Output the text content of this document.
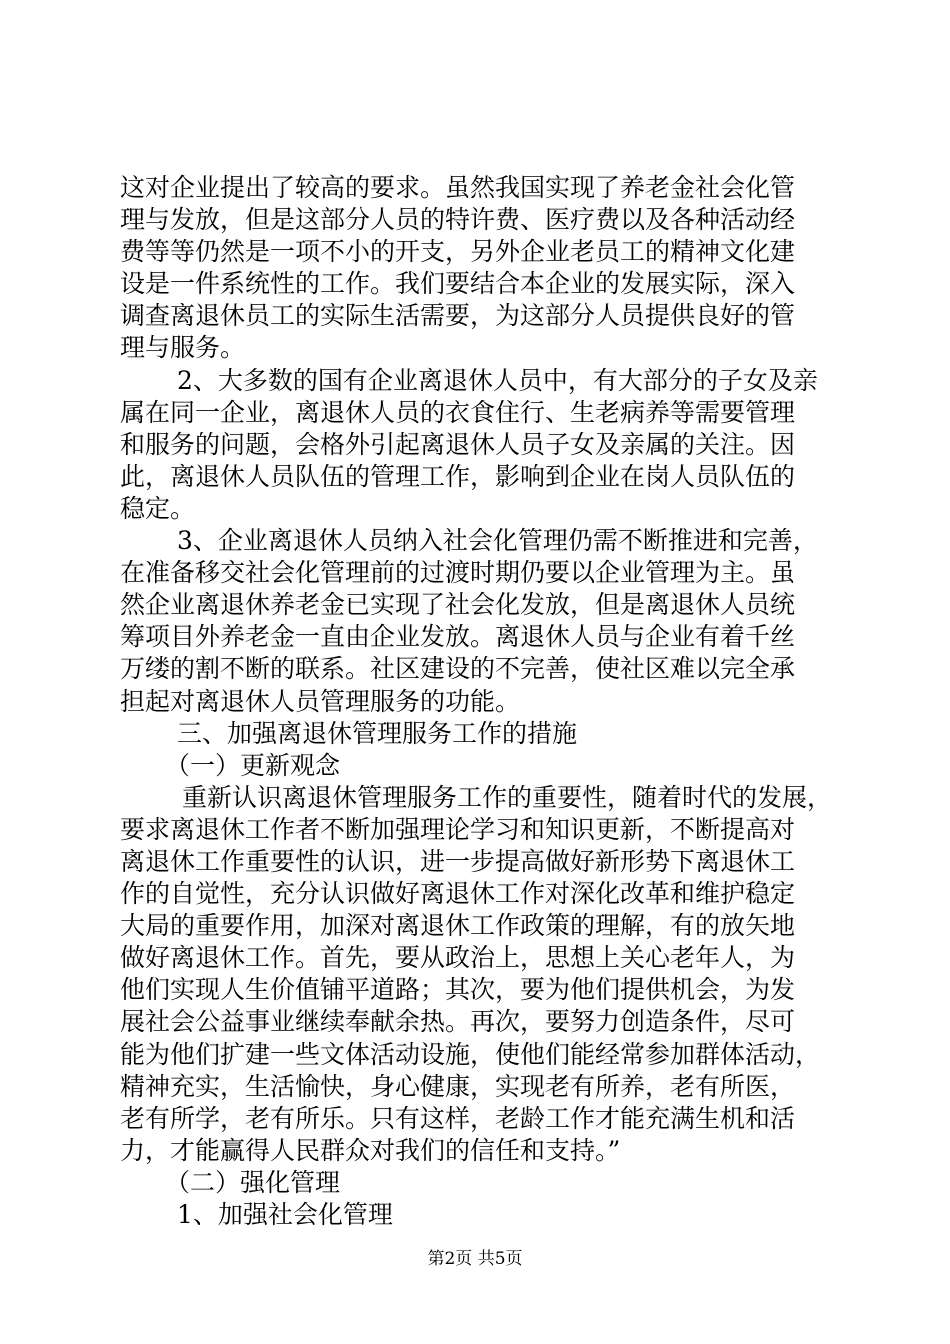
这对企业提出了较高的要求。虽然我国实现了养老金社会化管
理与发放，但是这部分人员的特许费、医疗费以及各种活动经
费等等仍然是一项不小的开支，另外企业老员工的精神文化建
设是一件系统性的工作。我们要结合本企业的发展实际，深入
调查离退休员工的实际生活需要，为这部分人员提供良好的管
理与服务。
2、大多数的国有企业离退休人员中，有大部分的子女及亲
属在同一企业，离退休人员的衣食住行、生老病养等需要管理
和服务的问题，会格外引起离退休人员子女及亲属的关注。因
此，离退休人员队伍的管理工作，影响到企业在岗人员队伍的
稳定。
3、企业离退休人员纳入社会化管理仍需不断推进和完善，
在准备移交社会化管理前的过渡时期仍要以企业管理为主。虽
然企业离退休养老金已实现了社会化发放，但是离退休人员统
筹项目外养老金一直由企业发放。离退休人员与企业有着千丝
万缕的割不断的联系。社区建设的不完善，使社区难以完全承
担起对离退休人员管理服务的功能。
三、加强离退休管理服务工作的措施
（一）更新观念
重新认识离退休管理服务工作的重要性，随着时代的发展，
要求离退休工作者不断加强理论学习和知识更新，不断提高对
离退休工作重要性的认识，进一步提高做好新形势下离退休工
作的自觉性，充分认识做好离退休工作对深化改革和维护稳定
大局的重要作用，加深对离退休工作政策的理解，有的放矢地
做好离退休工作。首先，要从政治上，思想上关心老年人，为
他们实现人生价值铺平道路；其次，要为他们提供机会，为发
展社会公益事业继续奉献余热。再次，要努力创造条件，尽可
能为他们扩建一些文体活动设施，使他们能经常参加群体活动，
精神充实，生活愉快，身心健康，实现老有所养，老有所医，
老有所学，老有所乐。只有这样，老龄工作才能充满生机和活
力，才能赢得人民群众对我们的信任和支持。”
（二）强化管理
1、加强社会化管理
第2页 共5页
